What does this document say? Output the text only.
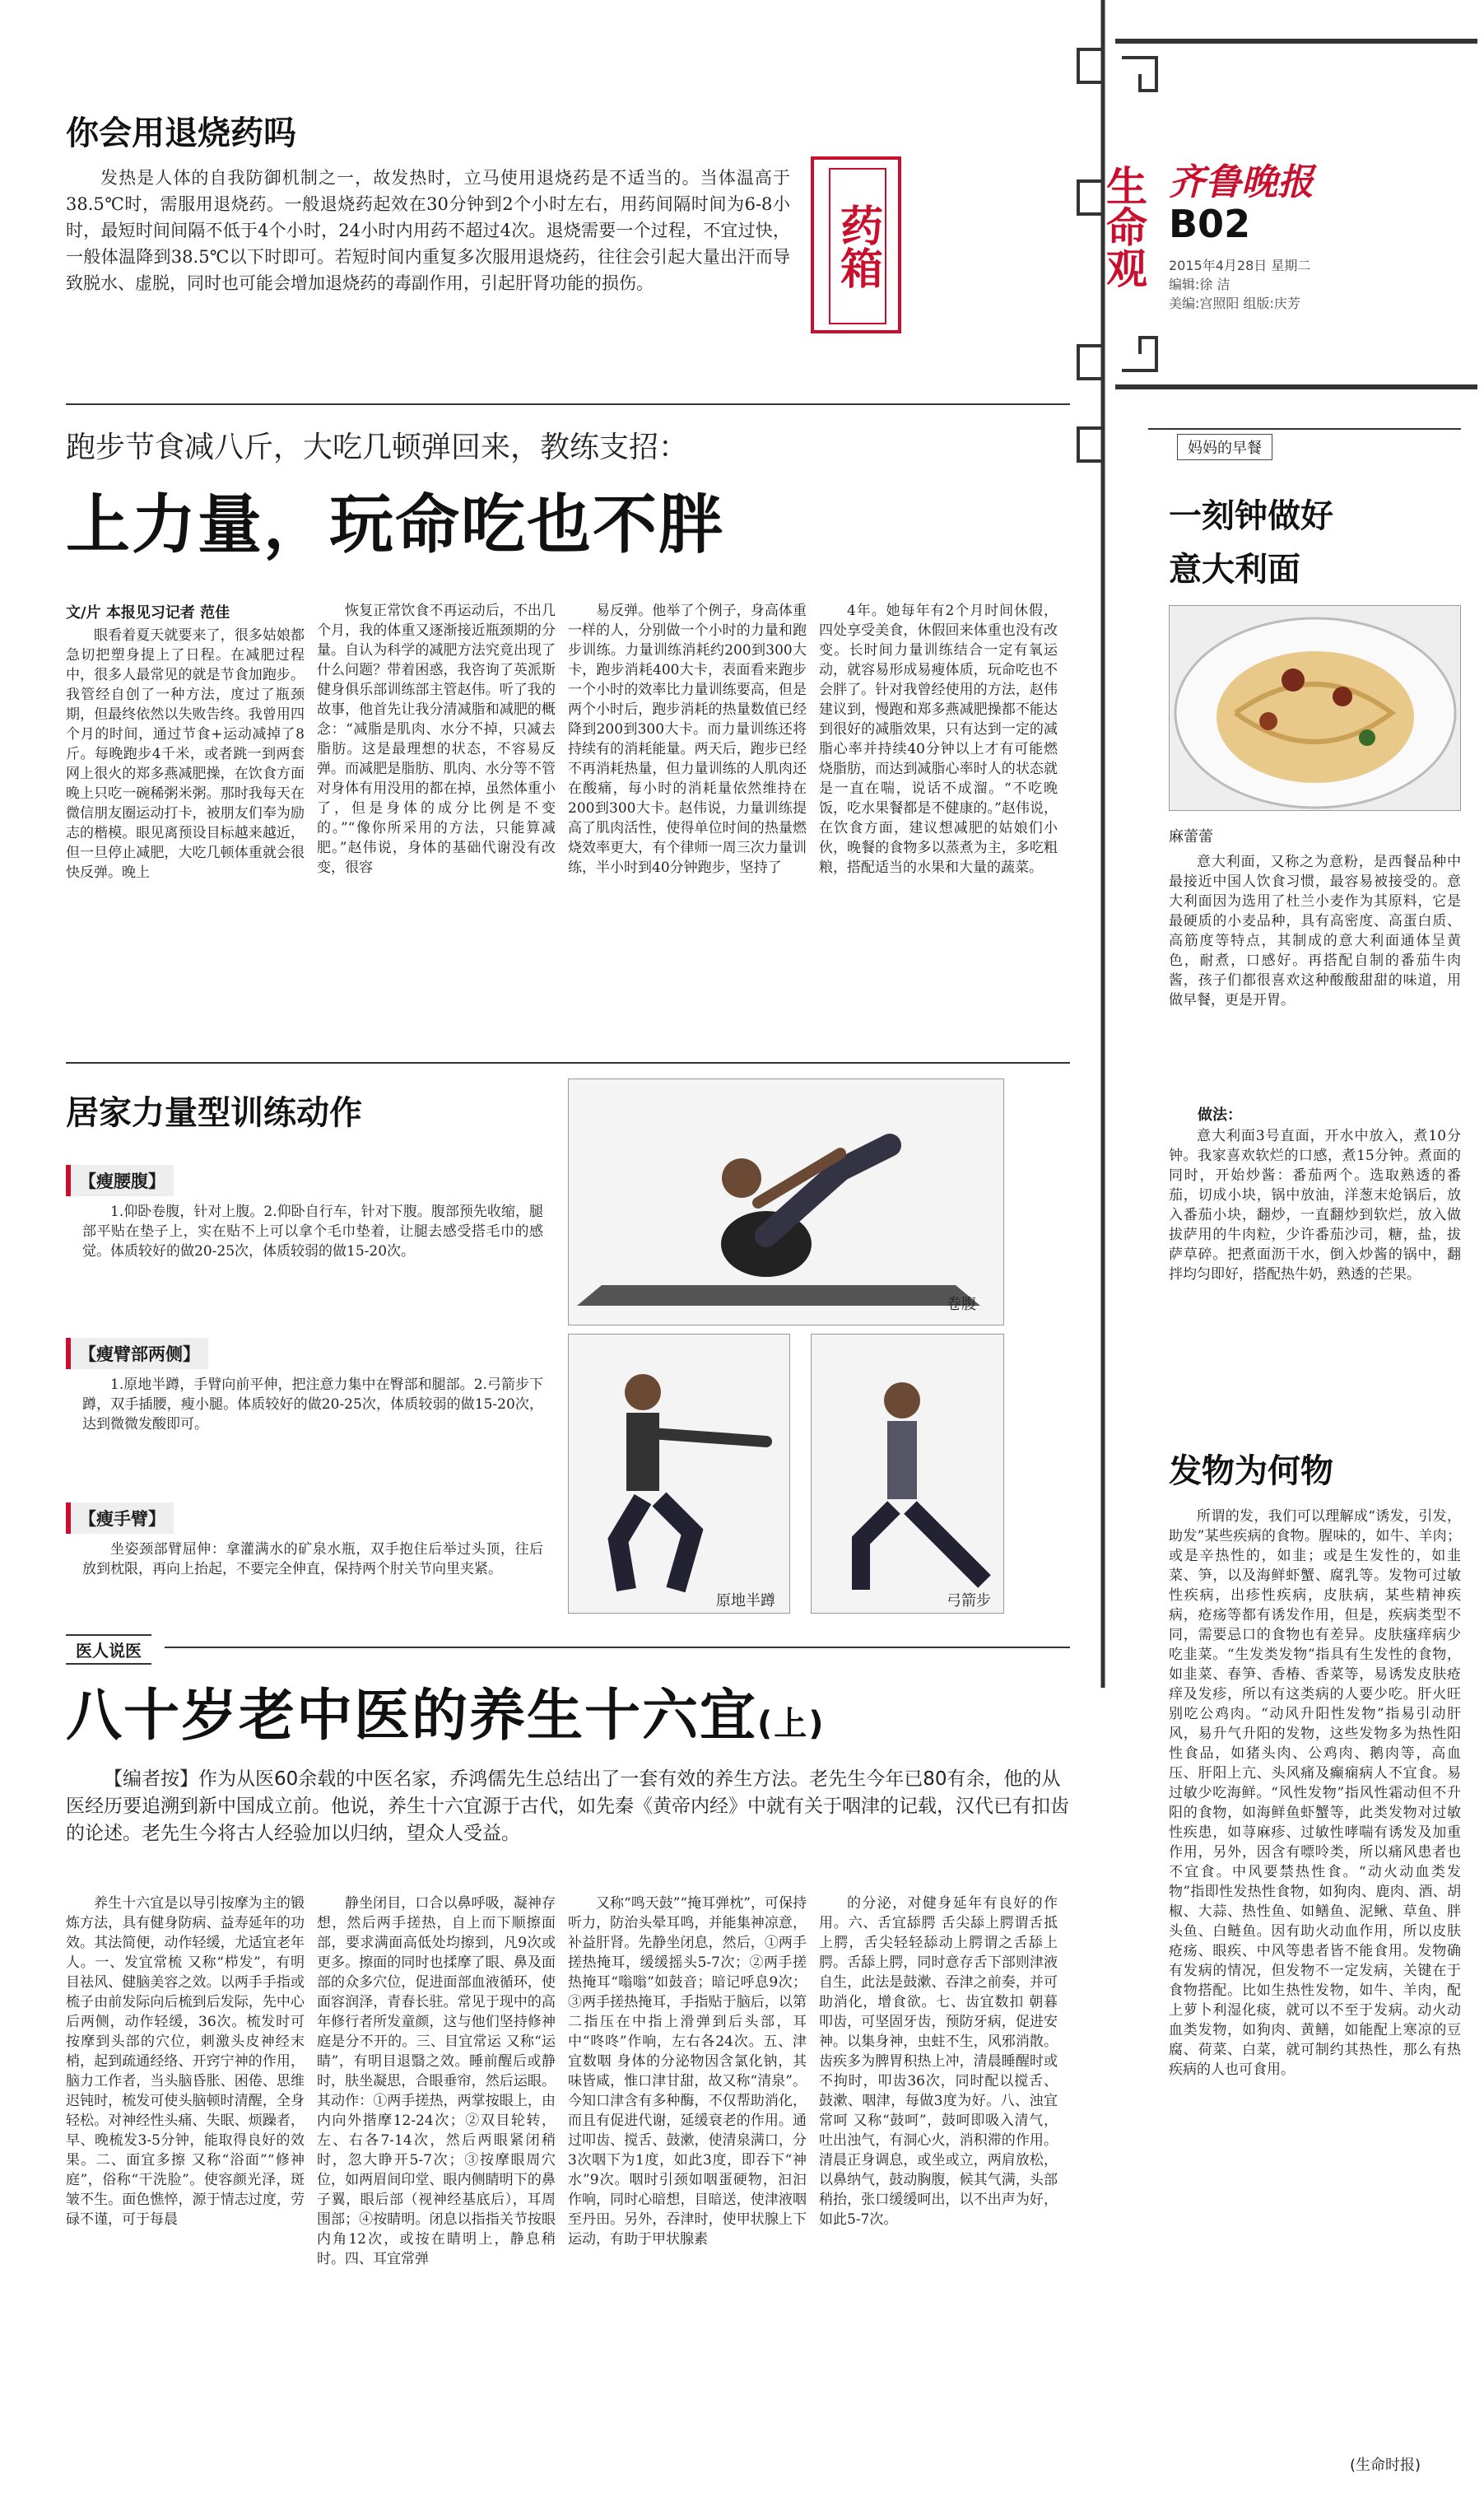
生命观 齐鲁晚报
B02
2015年4月28日 星期二
编辑:徐 洁
美编:宫照阳 组版:庆芳
你会用退烧药吗
药箱

发热是人体的自我防御机制之一，故发热时，立马使用退烧药是不适当的。当体温高于38.5℃时，需服用退烧药。一般退烧药起效在30分钟到2个小时左右，用药间隔时间为6-8小时，最短时间间隔不低于4个小时，24小时内用药不超过4次。退烧需要一个过程，不宜过快，一般体温降到38.5℃以下时即可。若短时间内重复多次服用退烧药，往往会引起大量出汗而导致脱水、虚脱，同时也可能会增加退烧药的毒副作用，引起肝肾功能的损伤。

跑步节食减八斤，大吃几顿弹回来，教练支招：
上力量，玩命吃也不胖
文/片 本报见习记者 范佳

眼看着夏天就要来了，很多姑娘都急切把塑身提上了日程。在减肥过程中，很多人最常见的就是节食加跑步。我管经自创了一种方法，度过了瓶颈期，但最终依然以失败告终。我曾用四个月的时间，通过节食+运动减掉了8斤。每晚跑步4千米，或者跳一到两套网上很火的郑多燕减肥操，在饮食方面晚上只吃一碗稀粥米粥。那时我每天在微信朋友圈运动打卡，被朋友们奉为励志的楷模。眼见离预设目标越来越近，但一旦停止减肥，大吃几顿体重就会很快反弹。晚上

恢复正常饮食不再运动后，不出几个月，我的体重又逐渐接近瓶颈期的分量。自认为科学的减肥方法究竟出现了什么问题？带着困惑，我咨询了英派斯健身俱乐部训练部主管赵伟。听了我的故事，他首先让我分清减脂和减肥的概念：“减脂是肌肉、水分不掉，只减去脂肪。这是最理想的状态，不容易反弹。而减肥是脂肪、肌肉、水分等不管对身体有用没用的都在掉，虽然体重小了，但是身体的成分比例是不变的。”“像你所采用的方法，只能算减肥。”赵伟说，身体的基础代谢没有改变，很容

易反弹。他举了个例子，身高体重一样的人，分别做一个小时的力量和跑步训练。力量训练消耗约200到300大卡，跑步消耗400大卡，表面看来跑步一个小时的效率比力量训练要高，但是两个小时后，跑步消耗的热量数值已经降到200到300大卡。而力量训练还将持续有的消耗能量。两天后，跑步已经不再消耗热量，但力量训练的人肌肉还在酸痛，每小时的消耗量依然维持在200到300大卡。赵伟说，力量训练提高了肌肉活性，使得单位时间的热量燃烧效率更大，有个律师一周三次力量训练，半小时到40分钟跑步，坚持了

4年。她每年有2个月时间休假，四处享受美食，休假回来体重也没有改变。长时间力量训练结合一定有氧运动，就容易形成易瘦体质，玩命吃也不会胖了。针对我曾经使用的方法，赵伟建议到，慢跑和郑多燕减肥操都不能达到很好的减脂效果，只有达到一定的减脂心率并持续40分钟以上才有可能燃烧脂肪，而达到减脂心率时人的状态就是一直在喘，说话不成溜。“不吃晚饭，吃水果餐都是不健康的。”赵伟说，在饮食方面，建议想减肥的姑娘们小伙，晚餐的食物多以蒸煮为主，多吃粗粮，搭配适当的水果和大量的蔬菜。

居家力量型训练动作
【瘦腰腹】

1.仰卧卷腹，针对上腹。2.仰卧自行车，针对下腹。腹部预先收缩，腿部平贴在垫子上，实在贴不上可以拿个毛巾垫着，让腿去感受搭毛巾的感觉。体质较好的做20-25次，体质较弱的做15-20次。

【瘦臂部两侧】

1.原地半蹲，手臂向前平伸，把注意力集中在臀部和腿部。2.弓箭步下蹲，双手插腰，瘦小腿。体质较好的做20-25次，体质较弱的做15-20次，达到微微发酸即可。

【瘦手臂】

坐姿颈部臂屈伸：拿灌满水的矿泉水瓶，双手抱住后举过头顶，往后放到枕限，再向上抬起，不要完全伸直，保持两个肘关节向里夹紧。

卷腹
原地半蹲	弓箭步
医人说医
八十岁老中医的养生十六宜(上)
【编者按】作为从医60余载的中医名家，乔鸿儒先生总结出了一套有效的养生方法。老先生今年已80有余，他的从医经历要追溯到新中国成立前。他说，养生十六宜源于古代，如先秦《黄帝内经》中就有关于咽津的记载，汉代已有扣齿的论述。老先生今将古人经验加以归纳，望众人受益。

养生十六宜是以导引按摩为主的锻炼方法，具有健身防病、益寿延年的功效。其法简便，动作轻缓，尤适宜老年人。一、发宜常梳 又称“栉发”，有明目祛风、健脑美容之效。以两手手指或梳子由前发际向后梳到后发际，先中心后两侧，动作轻缓，36次。梳发时可按摩到头部的穴位，刺激头皮神经末梢，起到疏通经络、开窍宁神的作用，脑力工作者，当头脑昏胀、困倦、思维迟钝时，梳发可使头脑顿时清醒，全身轻松。对神经性头痛、失眠、烦躁者，早、晚梳发3-5分钟，能取得良好的效果。二、面宜多擦 又称“浴面”“修神庭”，俗称“干洗脸”。使容颜光泽，斑皱不生。面色憔悴，源于情志过度，劳碌不谨，可于每晨

静坐闭目，口合以鼻呼吸，凝神存想，然后两手搓热，自上而下顺擦面部，要求满面高低处均擦到，凡9次或更多。擦面的同时也揉摩了眼、鼻及面部的众多穴位，促进面部血液循环，使面容润泽，青春长驻。常见于现中的高年修行者所发童颜，这与他们坚持修神庭是分不开的。三、目宜常运 又称“运睛”，有明目退翳之效。睡前醒后或静时，肤坐凝思，合眼垂帘，然后运眼。其动作：①两手搓热，两掌按眼上，由内向外揩摩12-24次；②双目轮转，左、右各7-14次，然后两眼紧闭稍时，忽大睁开5-7次；③按摩眼周穴位，如两眉间印堂、眼内侧睛明下的鼻子翼，眼后部（视神经基底后），耳周围部；④按睛明。闭息以指指关节按眼内角12次，或按在睛明上，静息稍时。四、耳宜常弹

又称“鸣天鼓”“掩耳弹枕”，可保持听力，防治头晕耳鸣，并能集神凉意，补益肝肾。先静坐闭息，然后，①两手搓热掩耳，缓缓摇头5-7次；②两手搓热掩耳“嗡嗡”如鼓音；暗记呼息9次；③两手搓热掩耳，手指贴于脑后，以第二指压在中指上滑弹到后头部，耳中“咚咚”作响，左右各24次。五、津宜数咽 身体的分泌物因含氯化钠，其味皆咸，惟口津甘甜，故又称“清泉”。今知口津含有多种酶，不仅帮助消化，而且有促进代谢，延缓衰老的作用。通过叩齿、搅舌、鼓漱，使清泉满口，分3次咽下为1度，如此3度，即吞下“神水”9次。咽时引颈如咽蛋硬物，汩汩作响，同时心暗想，目暗送，使津液咽至丹田。另外，吞津时，使甲状腺上下运动，有助于甲状腺素

的分泌，对健身延年有良好的作用。六、舌宜舔腭 舌尖舔上腭谓舌抵上腭，舌尖轻轻舔动上腭谓之舌舔上腭。舌舔上腭，同时意存舌下部则津液自生，此法是鼓漱、吞津之前奏，并可助消化，增食欲。七、齿宜数扣 朝暮叩齿，可坚固牙齿，预防牙病，促进安神。以集身神，虫蛀不生，风邪消散。齿疾多为脾胃积热上冲，清晨睡醒时或不拘时，叩齿36次，同时配以搅舌、鼓漱、咽津，每做3度为好。八、浊宜常呵 又称“鼓呵”，鼓呵即吸入清气，吐出浊气，有洞心火，消积滞的作用。清晨正身调息，或坐或立，两肩放松，以鼻纳气，鼓动胸腹，候其气满，头部稍抬，张口缓缓呵出，以不出声为好，如此5-7次。

妈妈的早餐
一刻钟做好
意大利面
麻蕾蕾

意大利面，又称之为意粉，是西餐品种中最接近中国人饮食习惯，最容易被接受的。意大利面因为选用了杜兰小麦作为其原料，它是最硬质的小麦品种，具有高密度、高蛋白质、高筋度等特点，其制成的意大利面通体呈黄色，耐煮，口感好。再搭配自制的番茄牛肉酱，孩子们都很喜欢这种酸酸甜甜的味道，用做早餐，更是开胃。

做法：

意大利面3号直面，开水中放入，煮10分钟。我家喜欢软烂的口感，煮15分钟。煮面的同时，开始炒酱：番茄两个。选取熟透的番茄，切成小块，锅中放油，洋葱末炝锅后，放入番茄小块，翻炒，一直翻炒到软烂，放入做拔萨用的牛肉粒，少许番茄沙司，糖，盐，拔萨草碎。把煮面沥干水，倒入炒酱的锅中，翻拌均匀即好，搭配热牛奶，熟透的芒果。

发物为何物

所谓的发，我们可以理解成“诱发，引发，助发”某些疾病的食物。腥味的，如牛、羊肉；或是辛热性的，如韭；或是生发性的，如韭菜、笋，以及海鲜虾蟹、腐乳等。发物可过敏性疾病，出疹性疾病，皮肤病，某些精神疾病，疮疡等都有诱发作用，但是，疾病类型不同，需要忌口的食物也有差异。皮肤瘙痒病少吃韭菜。“生发类发物”指具有生发性的食物，如韭菜、春笋、香椿、香菜等，易诱发皮肤疮痒及发疹，所以有这类病的人要少吃。肝火旺别吃公鸡肉。“动风升阳性发物”指易引动肝风，易升气升阳的发物，这些发物多为热性阳性食品，如猪头肉、公鸡肉、鹅肉等，高血压、肝阳上亢、头风痛及癫痫病人不宜食。易过敏少吃海鲜。“风性发物”指风性霜动但不升阳的食物，如海鲜鱼虾蟹等，此类发物对过敏性疾患，如荨麻疹、过敏性哮喘有诱发及加重作用，另外，因含有嘌呤类，所以痛风患者也不宜食。中风要禁热性食。“动火动血类发物”指即性发热性食物，如狗肉、鹿肉、酒、胡椒、大蒜、热性鱼、如鳝鱼、泥鳅、草鱼、胖头鱼、白鲢鱼。因有助火动血作用，所以皮肤疮疡、眼疾、中风等患者皆不能食用。发物确有发病的情况，但发物不一定发病，关键在于食物搭配。比如生热性发物，如牛、羊肉，配上萝卜利湿化痰，就可以不至于发病。动火动血类发物，如狗肉、黄鳝，如能配上寒凉的豆腐、荷菜、白菜，就可制约其热性，那么有热疾病的人也可食用。

(生命时报)
